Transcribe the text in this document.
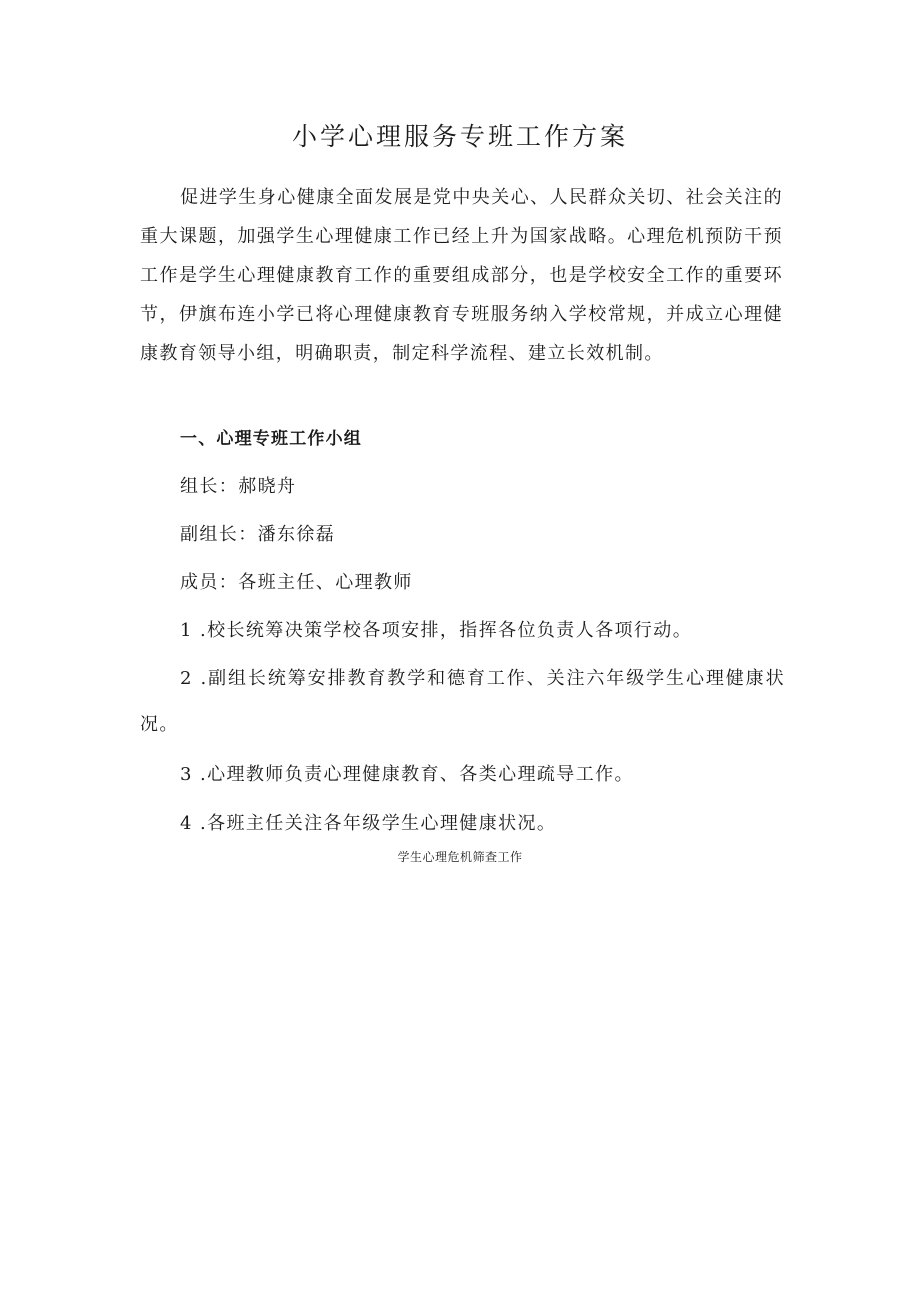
小学心理服务专班工作方案

促进学生身心健康全面发展是党中央关心、人民群众关切、社会关注的重大课题，加强学生心理健康工作已经上升为国家战略。心理危机预防干预工作是学生心理健康教育工作的重要组成部分，也是学校安全工作的重要环节，伊旗布连小学已将心理健康教育专班服务纳入学校常规，并成立心理健康教育领导小组，明确职责，制定科学流程、建立长效机制。

一、心理专班工作小组

组长：郝晓舟

副组长：潘东徐磊

成员：各班主任、心理教师

1 .校长统筹决策学校各项安排，指挥各位负责人各项行动。

2 .副组长统筹安排教育教学和德育工作、关注六年级学生心理健康状况。

3 .心理教师负责心理健康教育、各类心理疏导工作。

4 .各班主任关注各年级学生心理健康状况。

学生心理危机筛查工作
